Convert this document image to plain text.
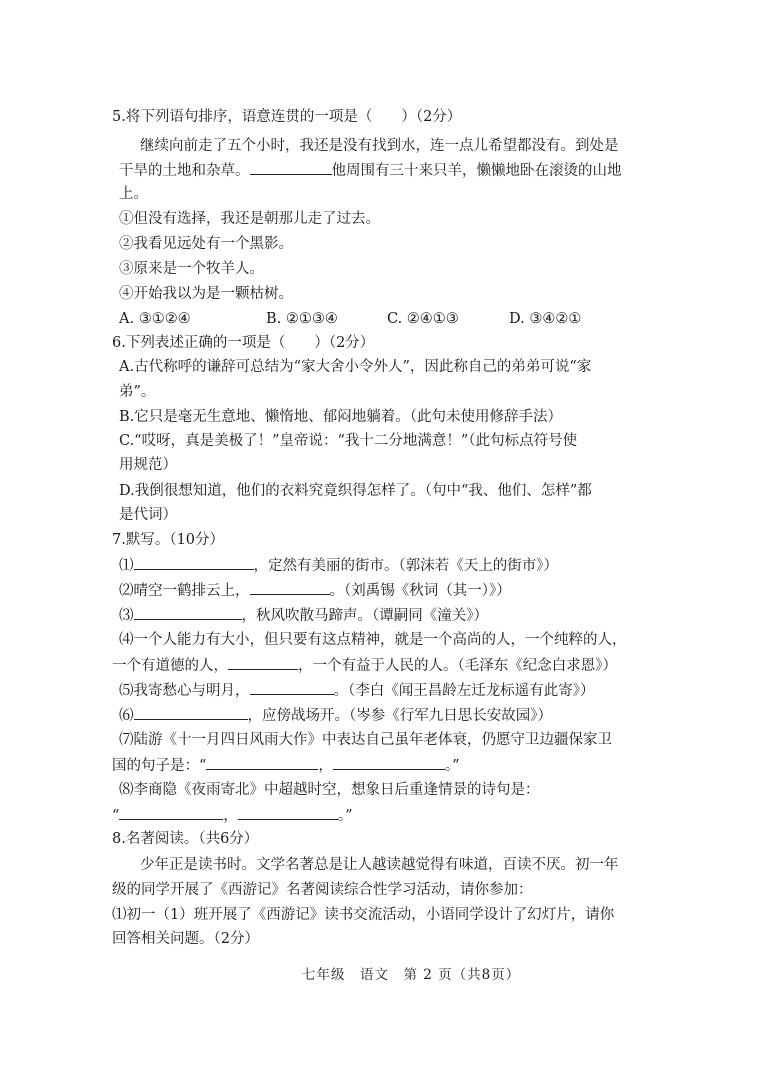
5.将下列语句排序，语意连贯的一项是（　　）（2分）
继续向前走了五个小时，我还是没有找到水，连一点儿希望都没有。到处是
干旱的土地和杂草。	他周围有三十来只羊，懒懒地卧在滚烫的山地
上。
①但没有选择，我还是朝那儿走了过去。
②我看见远处有一个黑影。
③原来是一个牧羊人。
④开始我以为是一颗枯树。
A. ③①②④	B. ②①③④	C. ②④①③	D. ③④②①
6.下列表述正确的一项是（　　）（2分）
A.古代称呼的谦辞可总结为“家大舍小令外人”，因此称自己的弟弟可说“家
弟”。
B.它只是毫无生意地、懒惰地、郁闷地躺着。（此句未使用修辞手法）
C.“哎呀，真是美极了！”皇帝说：“我十二分地满意！”（此句标点符号使
用规范）
D.我倒很想知道，他们的衣料究竟织得怎样了。（句中“我、他们、怎样”都
是代词）
7.默写。（10分）
⑴	，定然有美丽的街市。（郭沫若《天上的街市》）
⑵晴空一鹤排云上，	。（刘禹锡《秋词（其一）》）
⑶	，秋风吹散马蹄声。（谭嗣同《潼关》）
⑷一个人能力有大小，但只要有这点精神，就是一个高尚的人，一个纯粹的人，
一个有道德的人，	，一个有益于人民的人。（毛泽东《纪念白求恩》）
⑸我寄愁心与明月，	。（李白《闻王昌龄左迁龙标遥有此寄》）
⑹	，应傍战场开。（岑参《行军九日思长安故园》）
⑺陆游《十一月四日风雨大作》中表达自己虽年老体衰，仍愿守卫边疆保家卫
国的句子是：“	，	。”
⑻李商隐《夜雨寄北》中超越时空，想象日后重逢情景的诗句是：
“	，	。”
8.名著阅读。（共6分）
少年正是读书时。文学名著总是让人越读越觉得有味道，百读不厌。初一年
级的同学开展了《西游记》名著阅读综合性学习活动，请你参加：
⑴初一（1）班开展了《西游记》读书交流活动，小语同学设计了幻灯片，请你
回答相关问题。（2分）
七年级　语文　第 2 页（共8页）
